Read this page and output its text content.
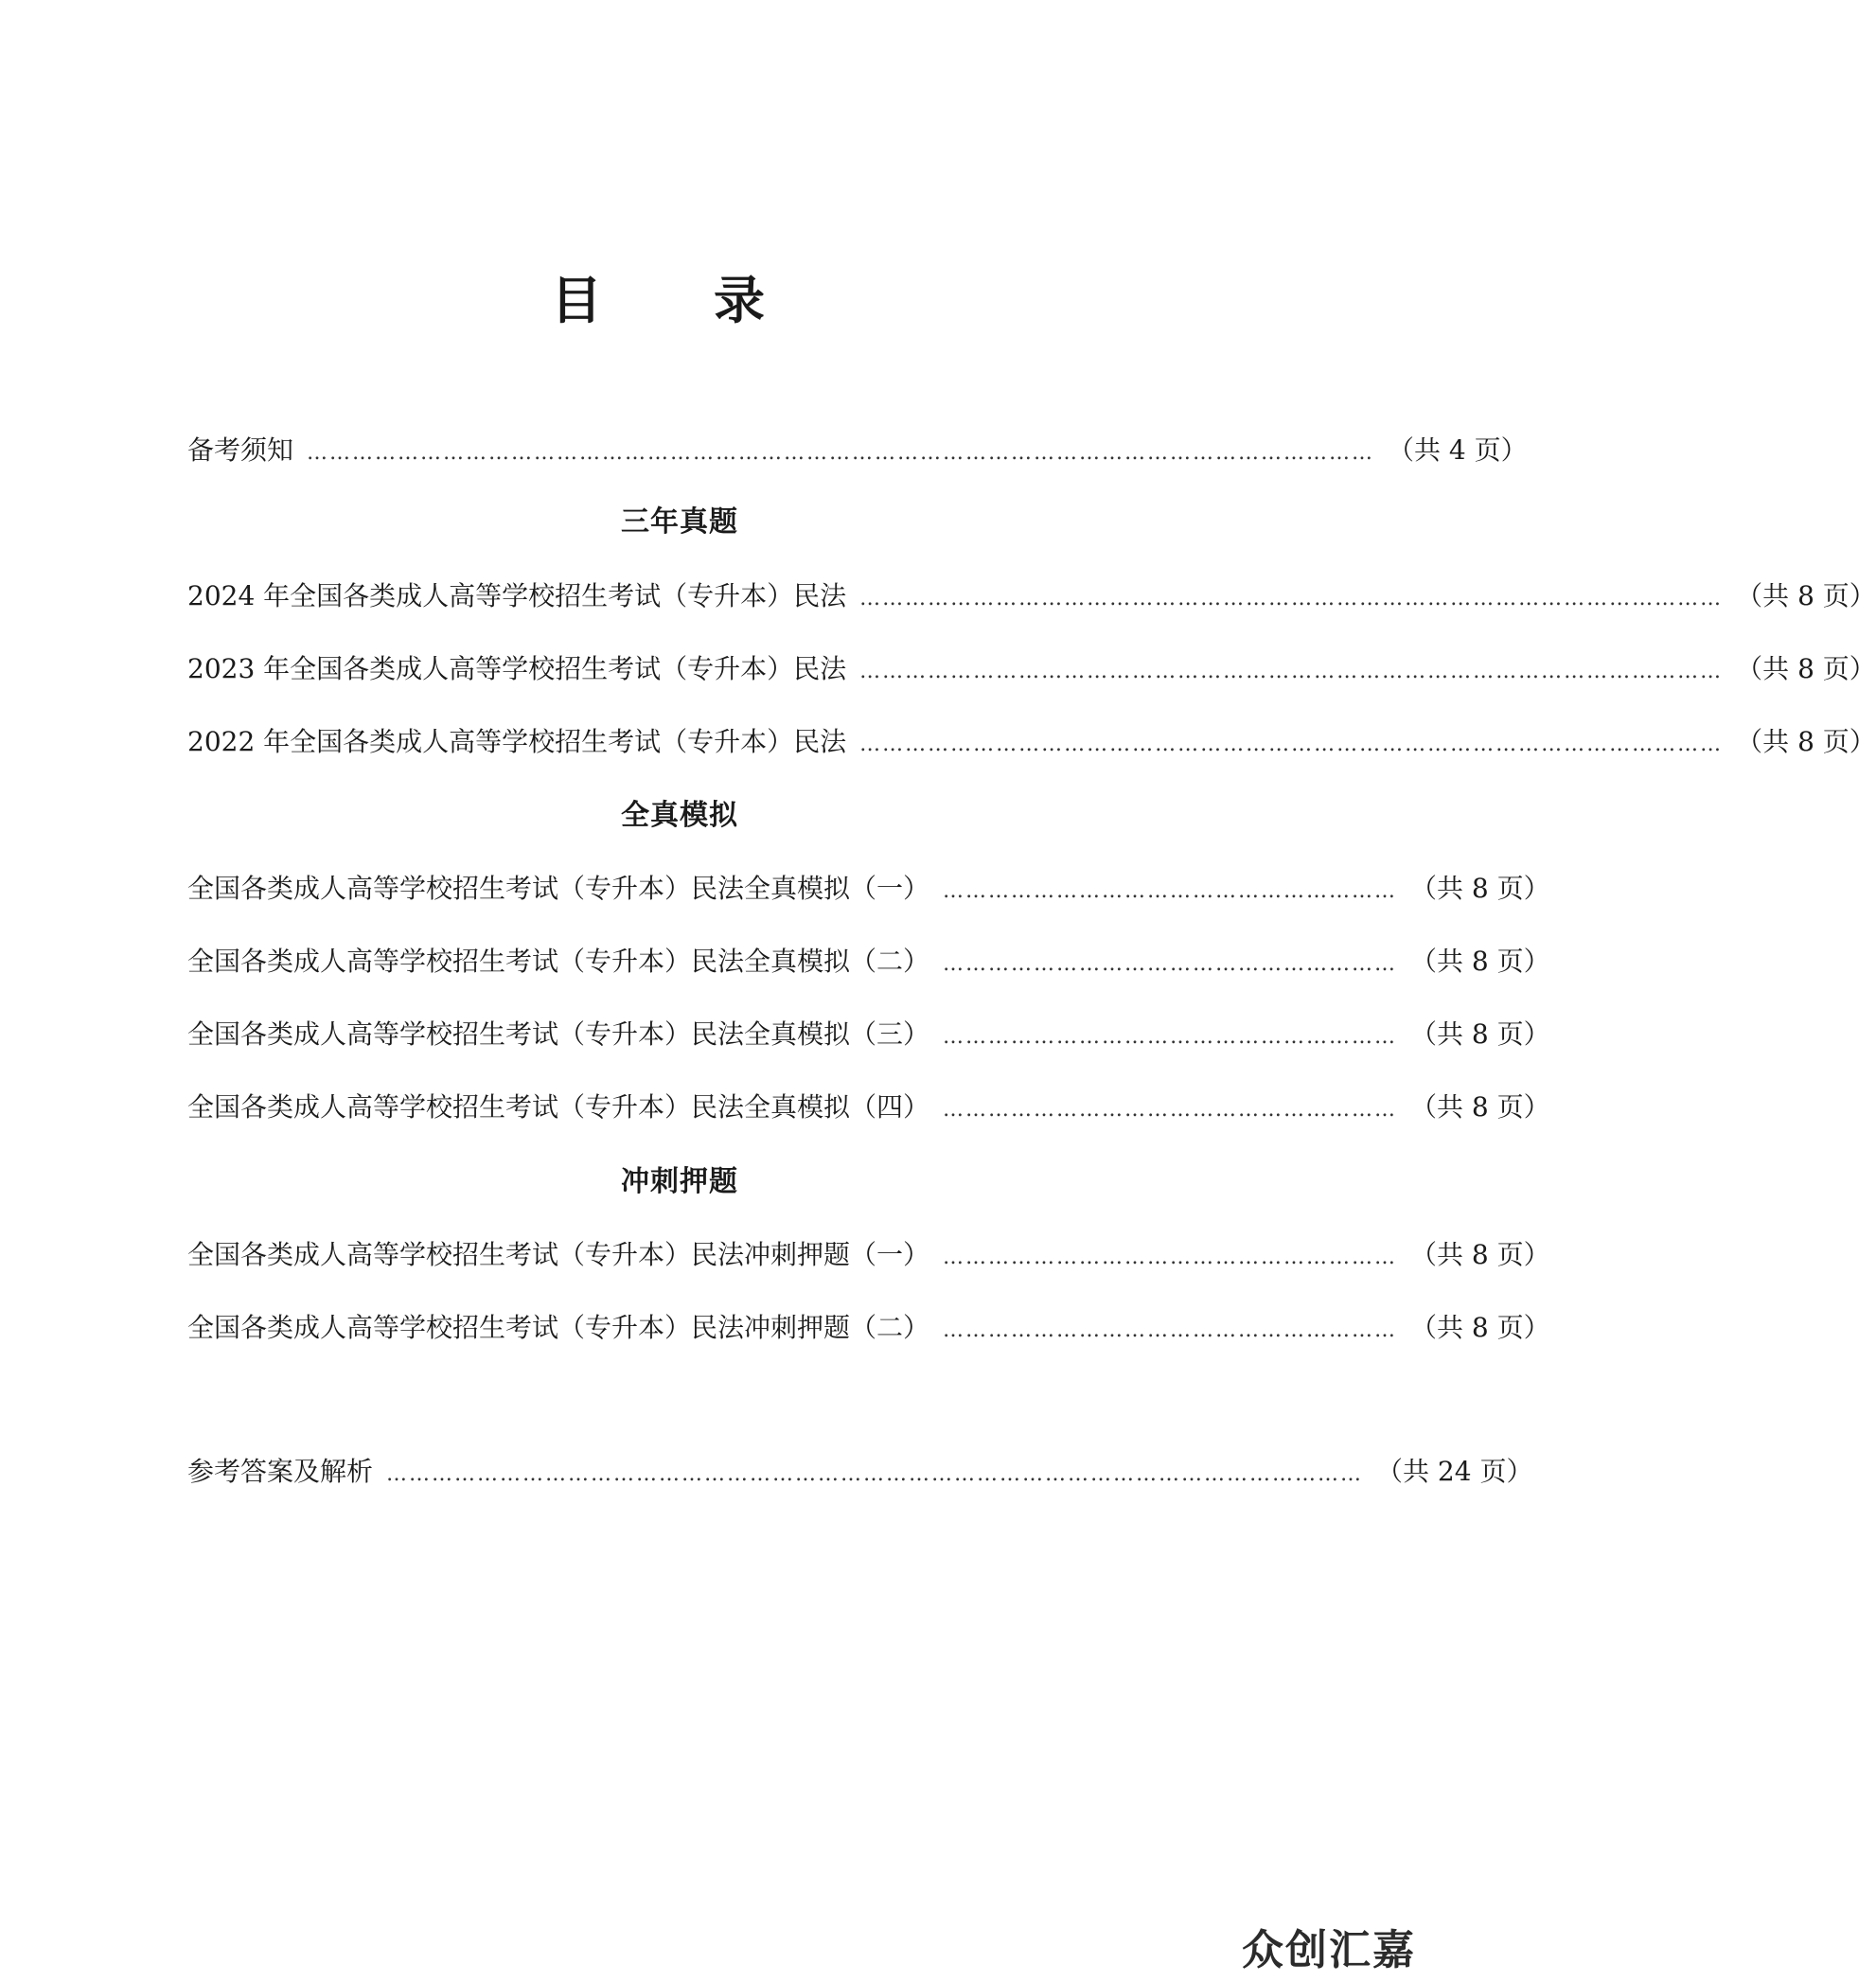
目录
备考须知 …………………………………………………………………………………………………………………………… （共 4 页）
三年真题
2024 年全国各类成人高等学校招生考试（专升本）民法 …………………………………………………………………………………………………… （共 8 页）
2023 年全国各类成人高等学校招生考试（专升本）民法 …………………………………………………………………………………………………… （共 8 页）
2022 年全国各类成人高等学校招生考试（专升本）民法 …………………………………………………………………………………………………… （共 8 页）
全真模拟
全国各类成人高等学校招生考试（专升本）民法全真模拟（一） …………………………………………………… （共 8 页）
全国各类成人高等学校招生考试（专升本）民法全真模拟（二） …………………………………………………… （共 8 页）
全国各类成人高等学校招生考试（专升本）民法全真模拟（三） …………………………………………………… （共 8 页）
全国各类成人高等学校招生考试（专升本）民法全真模拟（四） …………………………………………………… （共 8 页）
冲刺押题
全国各类成人高等学校招生考试（专升本）民法冲刺押题（一） …………………………………………………… （共 8 页）
全国各类成人高等学校招生考试（专升本）民法冲刺押题（二） …………………………………………………… （共 8 页）
参考答案及解析 ………………………………………………………………………………………………………………… （共 24 页）
众创汇嘉
